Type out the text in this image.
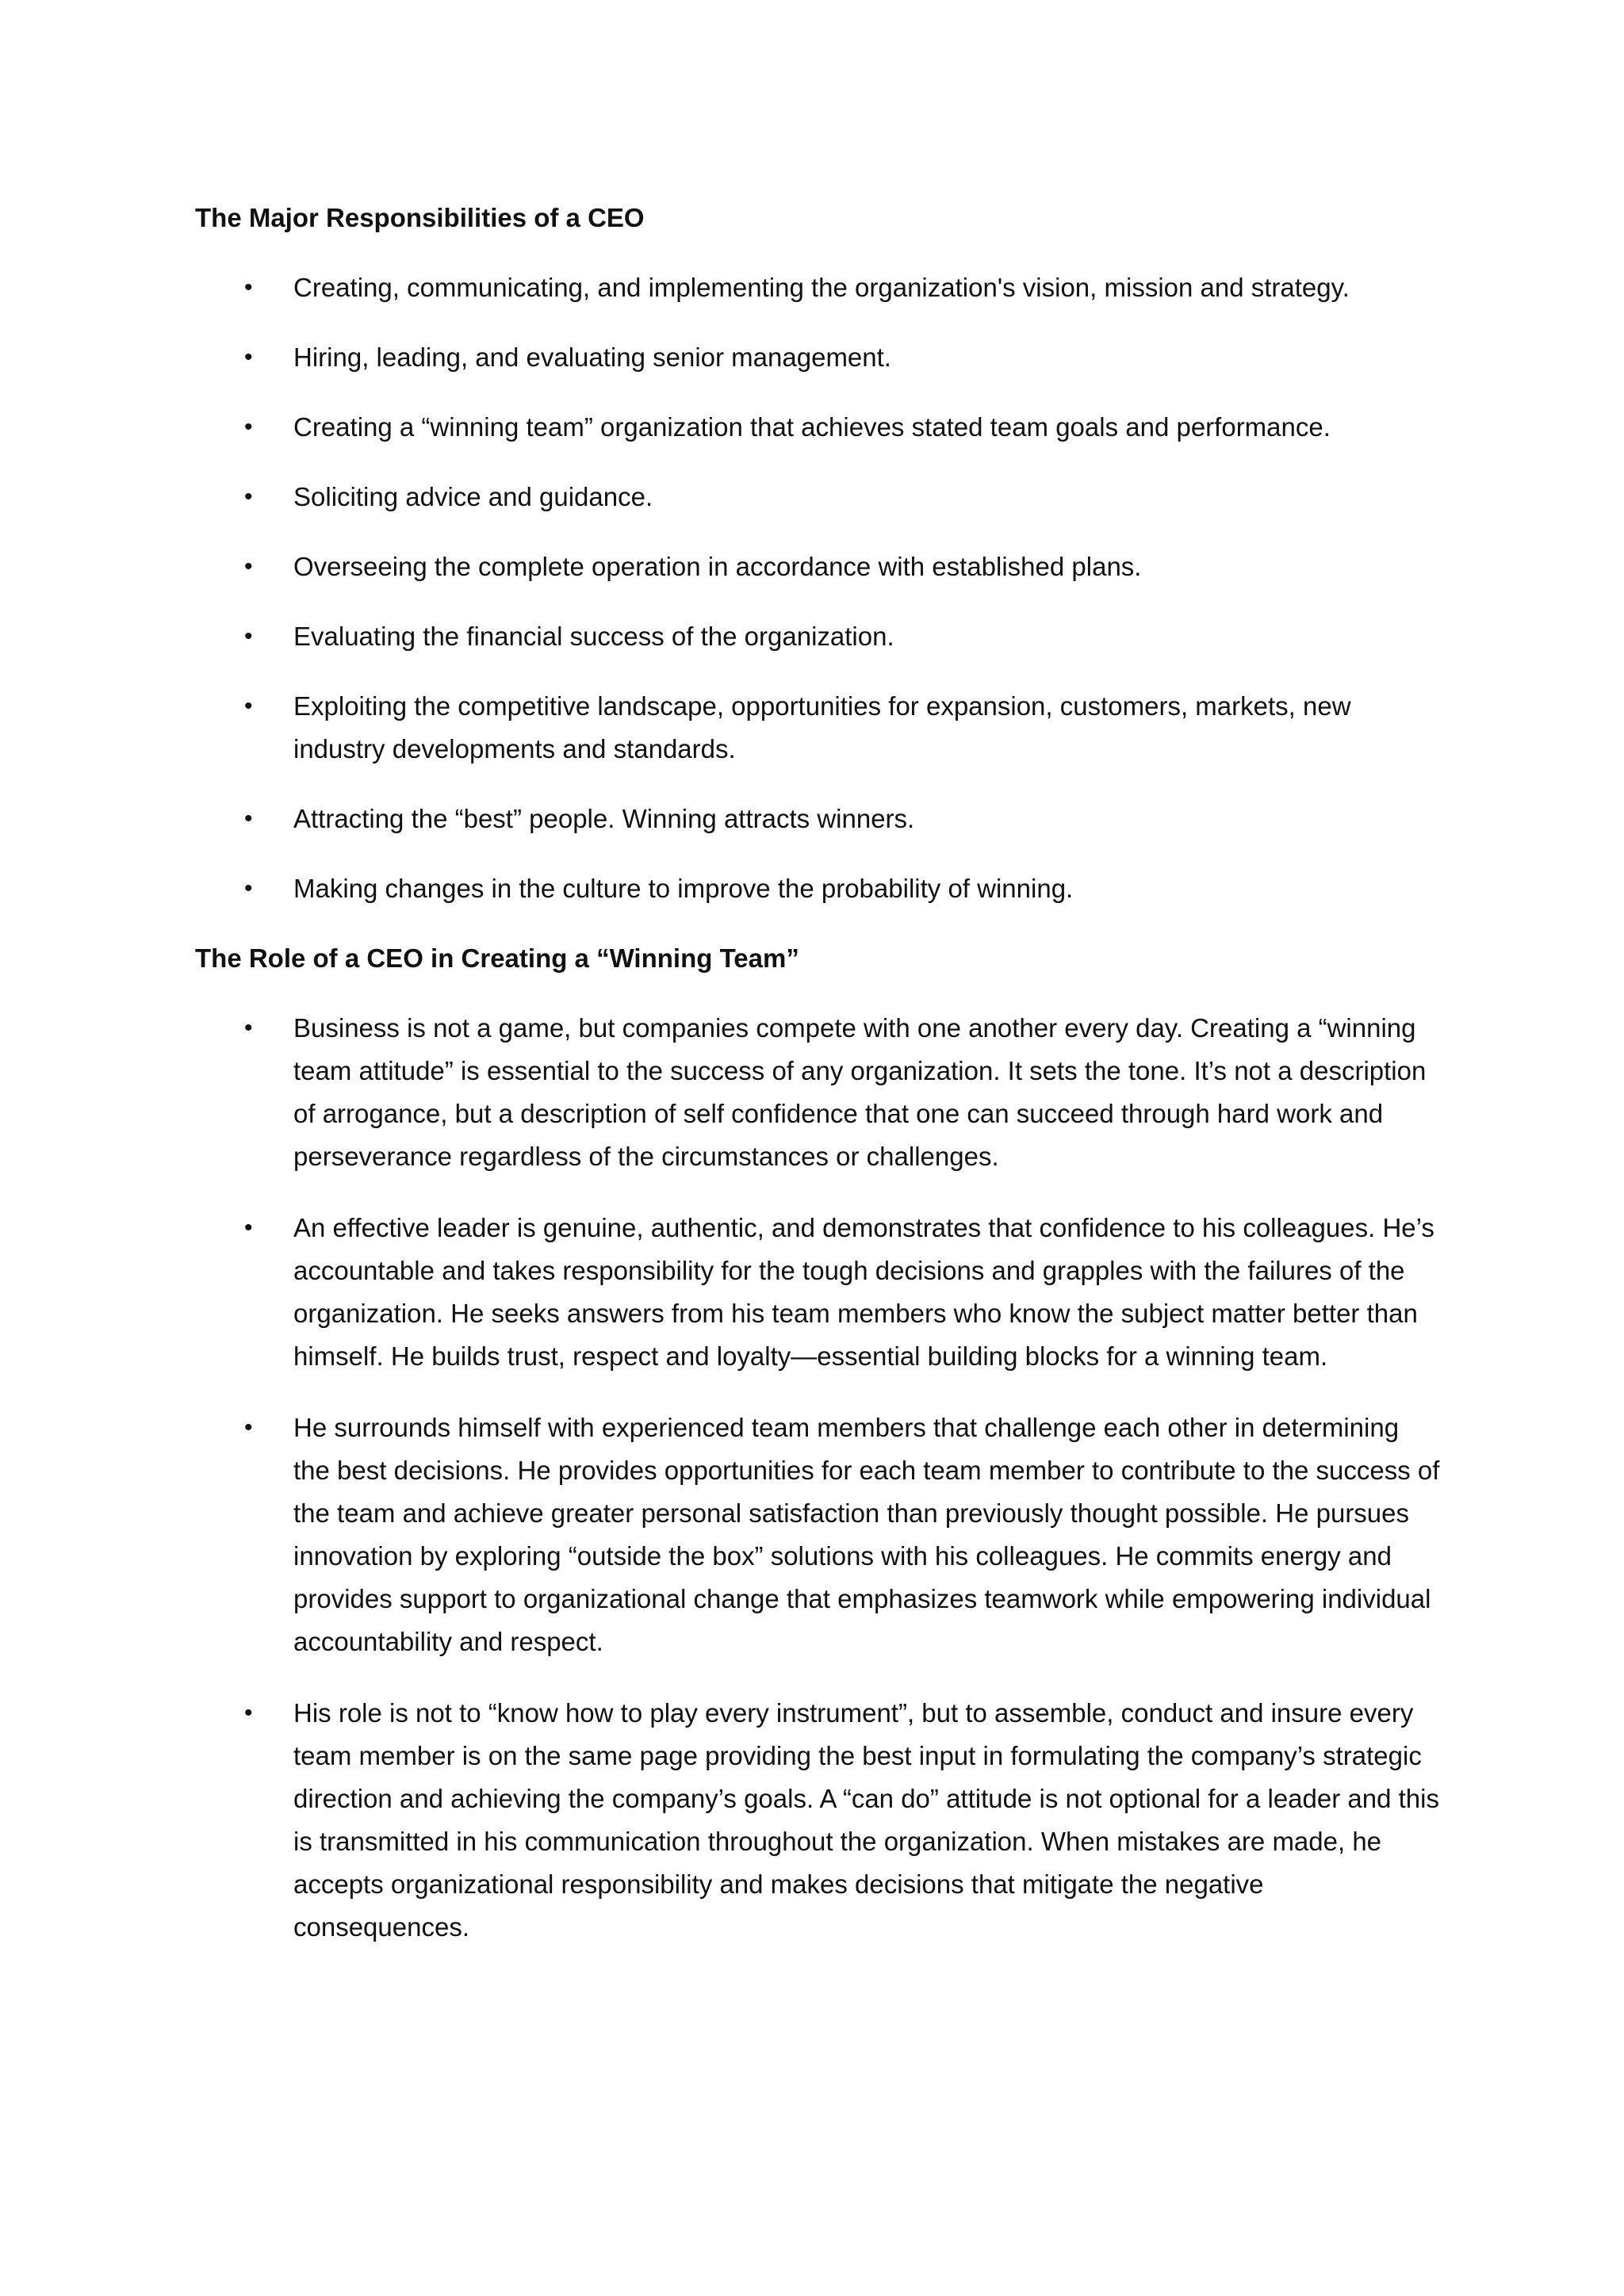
The Major Responsibilities of a CEO
•	Creating, communicating, and implementing the organization's vision, mission and strategy.
•	Hiring, leading, and evaluating senior management.
•	Creating a “winning team” organization that achieves stated team goals and performance.
•	Soliciting advice and guidance.
•	Overseeing the complete operation in accordance with established plans.
•	Evaluating the financial success of the organization.
•	Exploiting the competitive landscape, opportunities for expansion, customers, markets, new industry developments and standards.
•	Attracting the “best” people. Winning attracts winners.
•	Making changes in the culture to improve the probability of winning.
The Role of a CEO in Creating a “Winning Team”
•	Business is not a game, but companies compete with one another every day. Creating a “winning team attitude” is essential to the success of any organization. It sets the tone. It’s not a description of arrogance, but a description of self confidence that one can succeed through hard work and perseverance regardless of the circumstances or challenges.
•	An effective leader is genuine, authentic, and demonstrates that confidence to his colleagues. He’s accountable and takes responsibility for the tough decisions and grapples with the failures of the organization. He seeks answers from his team members who know the subject matter better than himself. He builds trust, respect and loyalty—essential building blocks for a winning team.
•	He surrounds himself with experienced team members that challenge each other in determining the best decisions. He provides opportunities for each team member to contribute to the success of the team and achieve greater personal satisfaction than previously thought possible. He pursues innovation by exploring “outside the box” solutions with his colleagues. He commits energy and provides support to organizational change that emphasizes teamwork while empowering individual accountability and respect.
•	His role is not to “know how to play every instrument”, but to assemble, conduct and insure every team member is on the same page providing the best input in formulating the company’s strategic direction and achieving the company’s goals. A “can do” attitude is not optional for a leader and this is transmitted in his communication throughout the organization. When mistakes are made, he accepts organizational responsibility and makes decisions that mitigate the negative consequences.
